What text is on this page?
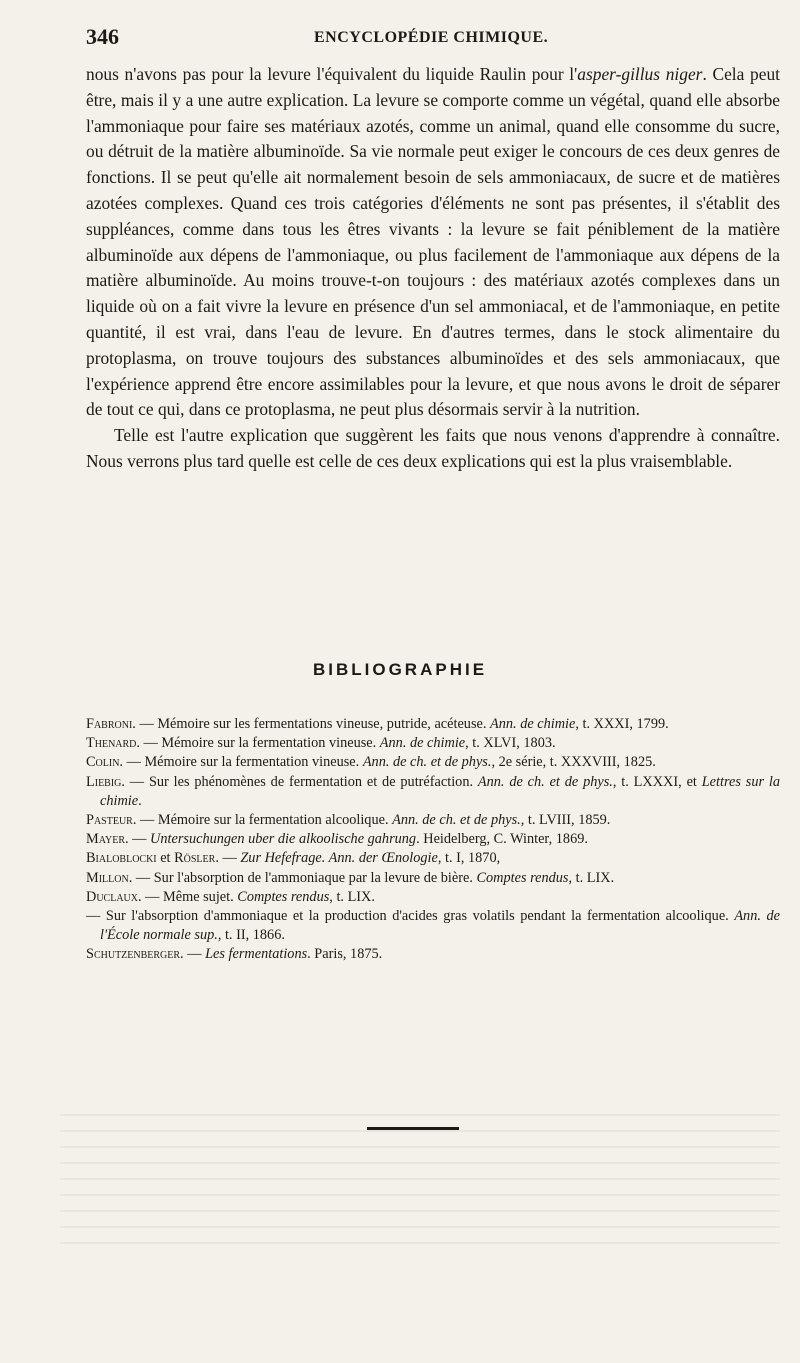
346	ENCYCLOPÉDIE CHIMIQUE.

nous n'avons pas pour la levure l'équivalent du liquide Raulin pour l'asper-gillus niger. Cela peut être, mais il y a une autre explication. La levure se comporte comme un végétal, quand elle absorbe l'ammoniaque pour faire ses matériaux azotés, comme un animal, quand elle consomme du sucre, ou détruit de la matière albuminoïde. Sa vie normale peut exiger le concours de ces deux genres de fonctions. Il se peut qu'elle ait normalement besoin de sels ammoniacaux, de sucre et de matières azotées complexes. Quand ces trois catégories d'éléments ne sont pas présentes, il s'établit des suppléances, comme dans tous les êtres vivants : la levure se fait péniblement de la matière albuminoïde aux dépens de l'ammoniaque, ou plus facilement de l'ammoniaque aux dépens de la matière albuminoïde. Au moins trouve-t-on toujours : des matériaux azotés complexes dans un liquide où on a fait vivre la levure en présence d'un sel ammoniacal, et de l'ammoniaque, en petite quantité, il est vrai, dans l'eau de levure. En d'autres termes, dans le stock alimentaire du protoplasma, on trouve toujours des substances albuminoïdes et des sels ammoniacaux, que l'expérience apprend être encore assimilables pour la levure, et que nous avons le droit de séparer de tout ce qui, dans ce protoplasma, ne peut plus désormais servir à la nutrition.

Telle est l'autre explication que suggèrent les faits que nous venons d'apprendre à connaître. Nous verrons plus tard quelle est celle de ces deux explications qui est la plus vraisemblable.

BIBLIOGRAPHIE

Fabroni. — Mémoire sur les fermentations vineuse, putride, acéteuse. Ann. de chimie, t. XXXI, 1799.

Thenard. — Mémoire sur la fermentation vineuse. Ann. de chimie, t. XLVI, 1803.

Colin. — Mémoire sur la fermentation vineuse. Ann. de ch. et de phys., 2e série, t. XXXVIII, 1825.

Liebig. — Sur les phénomènes de fermentation et de putréfaction. Ann. de ch. et de phys., t. LXXXI, et Lettres sur la chimie.

Pasteur. — Mémoire sur la fermentation alcoolique. Ann. de ch. et de phys., t. LVIII, 1859.

Mayer. — Untersuchungen uber die alkoolische gahrung. Heidelberg, C. Winter, 1869.

Bialoblocki et Rösler. — Zur Hefefrage. Ann. der Œnologie, t. I, 1870,

Millon. — Sur l'absorption de l'ammoniaque par la levure de bière. Comptes rendus, t. LIX.

Duclaux. — Même sujet. Comptes rendus, t. LIX.

— Sur l'absorption d'ammoniaque et la production d'acides gras volatils pendant la fermentation alcoolique. Ann. de l'École normale sup., t. II, 1866.

Schutzenberger. — Les fermentations. Paris, 1875.
